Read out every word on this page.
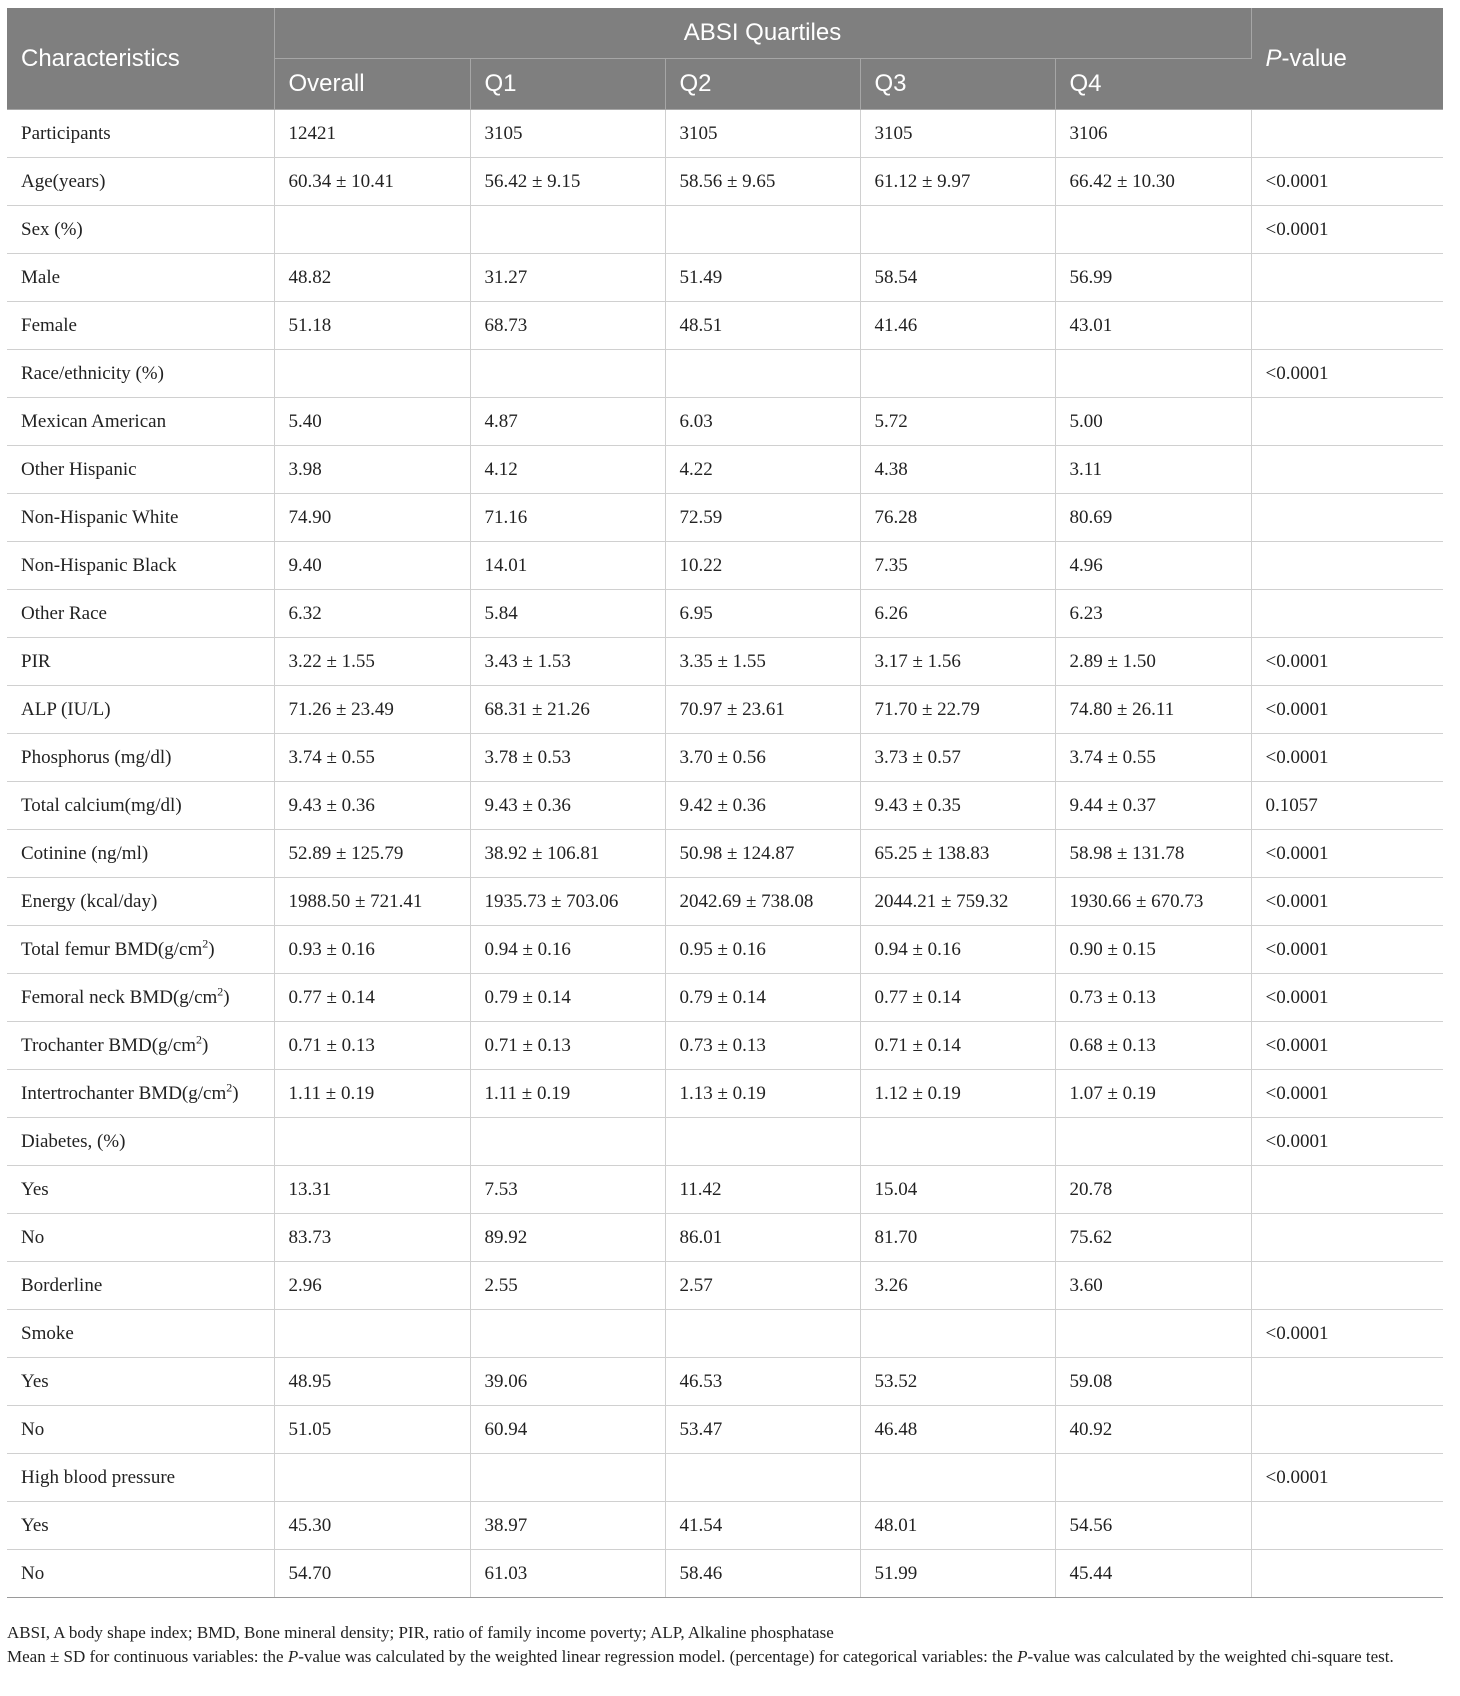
Characteristics	ABSI Quartiles					P-value
	Overall	Q1	Q2	Q3	Q4	
Participants	12421	3105	3105	3105	3106	
Age(years)	60.34 ± 10.41	56.42 ± 9.15	58.56 ± 9.65	61.12 ± 9.97	66.42 ± 10.30	<0.0001
Sex (%)						<0.0001
Male	48.82	31.27	51.49	58.54	56.99	
Female	51.18	68.73	48.51	41.46	43.01	
Race/ethnicity (%)						<0.0001
Mexican American	5.40	4.87	6.03	5.72	5.00	
Other Hispanic	3.98	4.12	4.22	4.38	3.11	
Non-Hispanic White	74.90	71.16	72.59	76.28	80.69	
Non-Hispanic Black	9.40	14.01	10.22	7.35	4.96	
Other Race	6.32	5.84	6.95	6.26	6.23	
PIR	3.22 ± 1.55	3.43 ± 1.53	3.35 ± 1.55	3.17 ± 1.56	2.89 ± 1.50	<0.0001
ALP (IU/L)	71.26 ± 23.49	68.31 ± 21.26	70.97 ± 23.61	71.70 ± 22.79	74.80 ± 26.11	<0.0001
Phosphorus (mg/dl)	3.74 ± 0.55	3.78 ± 0.53	3.70 ± 0.56	3.73 ± 0.57	3.74 ± 0.55	<0.0001
Total calcium(mg/dl)	9.43 ± 0.36	9.43 ± 0.36	9.42 ± 0.36	9.43 ± 0.35	9.44 ± 0.37	0.1057
Cotinine (ng/ml)	52.89 ± 125.79	38.92 ± 106.81	50.98 ± 124.87	65.25 ± 138.83	58.98 ± 131.78	<0.0001
Energy (kcal/day)	1988.50 ± 721.41	1935.73 ± 703.06	2042.69 ± 738.08	2044.21 ± 759.32	1930.66 ± 670.73	<0.0001
Total femur $BMD(g/cm^2)$	0.93 ± 0.16	0.94 ± 0.16	0.95 ± 0.16	0.94 ± 0.16	0.90 ± 0.15	<0.0001
Femoral neck $BMD(g/cm^2)$	0.77 ± 0.14	0.79 ± 0.14	0.79 ± 0.14	0.77 ± 0.14	0.73 ± 0.13	<0.0001
Trochanter $BMD(g/cm^2)$	0.71 ± 0.13	0.71 ± 0.13	0.73 ± 0.13	0.71 ± 0.14	0.68 ± 0.13	<0.0001
Intertrochanter $BMD(g/cm^2)$	1.11 ± 0.19	1.11 ± 0.19	1.13 ± 0.19	1.12 ± 0.19	1.07 ± 0.19	<0.0001
Diabetes, (%)						<0.0001
Yes	13.31	7.53	11.42	15.04	20.78	
No	83.73	89.92	86.01	81.70	75.62	
Borderline	2.96	2.55	2.57	3.26	3.60	
Smoke						<0.0001
Yes	48.95	39.06	46.53	53.52	59.08	
No	51.05	60.94	53.47	46.48	40.92	
High blood pressure						<0.0001
Yes	45.30	38.97	41.54	48.01	54.56	
No	54.70	61.03	58.46	51.99	45.44	

ABSI, A body shape index; BMD, Bone mineral density; PIR, ratio of family income poverty; ALP, Alkaline phosphatase

Mean ± SD for continuous variables: the P-value was calculated by the weighted linear regression model. (percentage) for categorical variables: the P-value was calculated by the weighted chi-square test.
